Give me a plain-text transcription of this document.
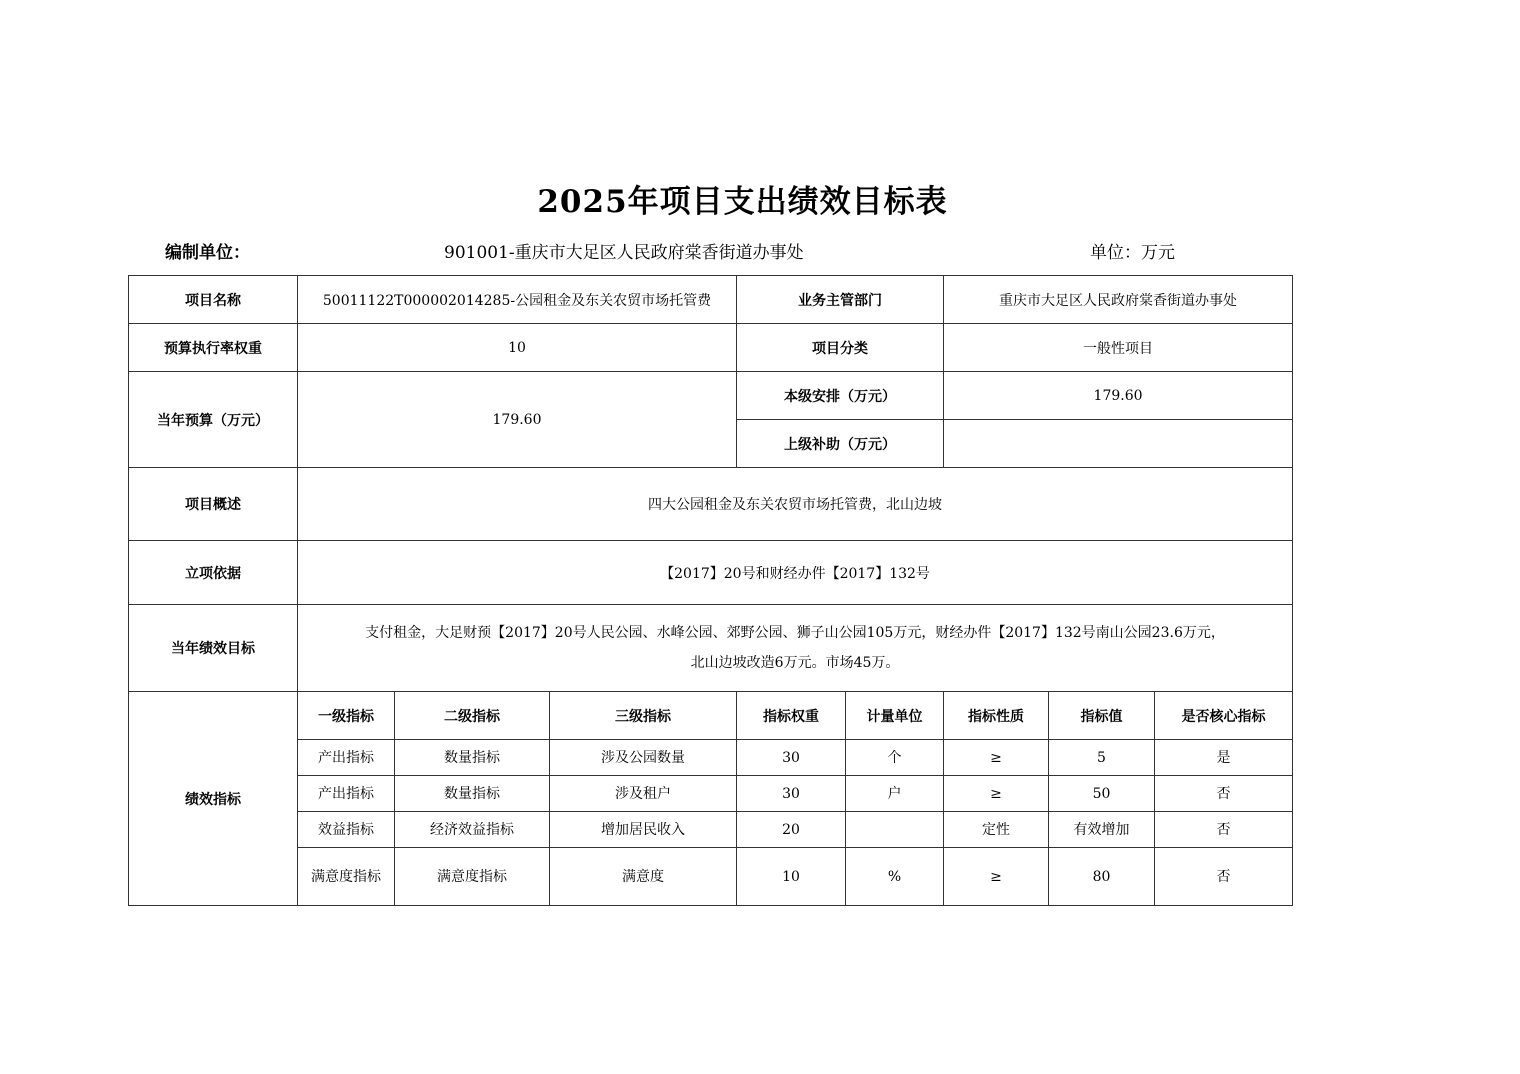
2025年项目支出绩效目标表
编制单位：	901001-重庆市大足区人民政府棠香街道办事处	单位：万元
项目名称	50011122T000002014285-公园租金及东关农贸市场托管费			业务主管部门		重庆市大足区人民政府棠香街道办事处		
预算执行率权重	10			项目分类		一般性项目		
当年预算（万元）	179.60			本级安排（万元）		179.60		
				上级补助（万元）				
项目概述	四大公园租金及东关农贸市场托管费，北山边坡							
立项依据	【2017】20号和财经办件【2017】132号							
当年绩效目标	支付租金，大足财预【2017】20号人民公园、水峰公园、郊野公园、狮子山公园105万元，财经办件【2017】132号南山公园23.6万元，
北山边坡改造6万元。市场45万。							

绩效指标	一级指标	二级指标	三级指标	指标权重	计量单位	指标性质	指标值	是否核心指标
	产出指标	数量指标	涉及公园数量	30	个	≥	5	是
	产出指标	数量指标	涉及租户	30	户	≥	50	否
	效益指标	经济效益指标	增加居民收入	20		定性	有效增加	否
	满意度指标	满意度指标	满意度	10	%	≥	80	否
